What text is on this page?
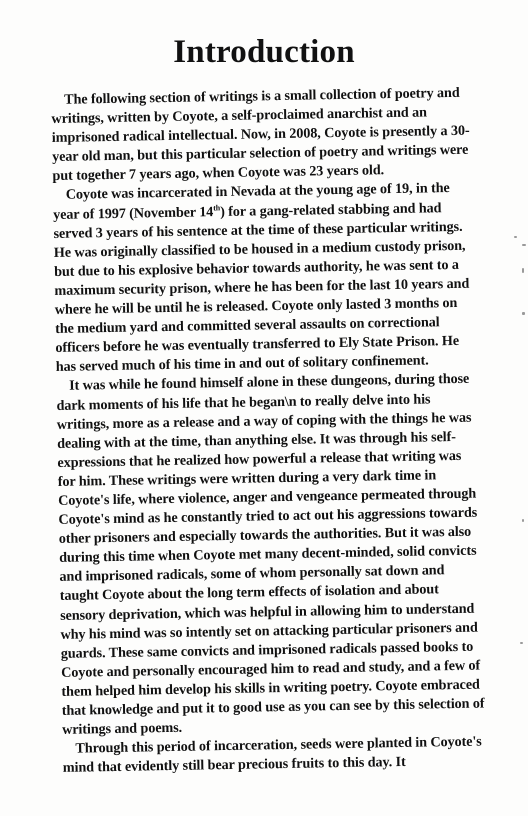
Introduction

The following section of writings is a small collection of poetry and writings, written by Coyote, a self-proclaimed anarchist and an imprisoned radical intellectual. Now, in 2008, Coyote is presently a 30-year old man, but this particular selection of poetry and writings were put together 7 years ago, when Coyote was 23 years old.

Coyote was incarcerated in Nevada at the young age of 19, in the year of 1997 (November 14th) for a gang-related stabbing and had served 3 years of his sentence at the time of these particular writings. He was originally classified to be housed in a medium custody prison, but due to his explosive behavior towards authority, he was sent to a maximum security prison, where he has been for the last 10 years and where he will be until he is released. Coyote only lasted 3 months on the medium yard and committed several assaults on correctional officers before he was eventually transferred to Ely State Prison. He has served much of his time in and out of solitary confinement.

It was while he found himself alone in these dungeons, during those dark moments of his life that he began\n to really delve into his writings, more as a release and a way of coping with the things he was dealing with at the time, than anything else. It was through his self-expressions that he realized how powerful a release that writing was for him. These writings were written during a very dark time in Coyote's life, where violence, anger and vengeance permeated through Coyote's mind as he constantly tried to act out his aggressions towards other prisoners and especially towards the authorities. But it was also during this time when Coyote met many decent-minded, solid convicts and imprisoned radicals, some of whom personally sat down and taught Coyote about the long term effects of isolation and about sensory deprivation, which was helpful in allowing him to understand why his mind was so intently set on attacking particular prisoners and guards. These same convicts and imprisoned radicals passed books to Coyote and personally encouraged him to read and study, and a few of them helped him develop his skills in writing poetry. Coyote embraced that knowledge and put it to good use as you can see by this selection of writings and poems.

Through this period of incarceration, seeds were planted in Coyote's mind that evidently still bear precious fruits to this day. It
